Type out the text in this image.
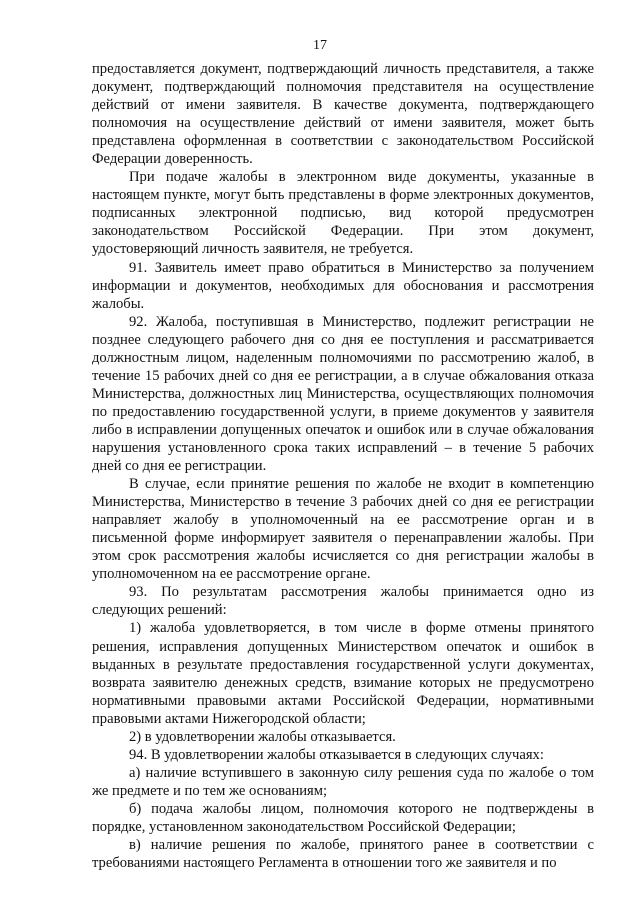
17

предоставляется документ, подтверждающий личность представителя, а также документ, подтверждающий полномочия представителя на осуществление действий от имени заявителя. В качестве документа, подтверждающего полномочия на осуществление действий от имени заявителя, может быть представлена оформленная в соответствии с законодательством Российской Федерации доверенность.

При подаче жалобы в электронном виде документы, указанные в настоящем пункте, могут быть представлены в форме электронных документов, подписанных электронной подписью, вид которой предусмотрен законодательством Российской Федерации. При этом документ, удостоверяющий личность заявителя, не требуется.

91. Заявитель имеет право обратиться в Министерство за получением информации и документов, необходимых для обоснования и рассмотрения жалобы.

92. Жалоба, поступившая в Министерство, подлежит регистрации не позднее следующего рабочего дня со дня ее поступления и рассматривается должностным лицом, наделенным полномочиями по рассмотрению жалоб, в течение 15 рабочих дней со дня ее регистрации, а в случае обжалования отказа Министерства, должностных лиц Министерства, осуществляющих полномочия по предоставлению государственной услуги, в приеме документов у заявителя либо в исправлении допущенных опечаток и ошибок или в случае обжалования нарушения установленного срока таких исправлений – в течение 5 рабочих дней со дня ее регистрации.

В случае, если принятие решения по жалобе не входит в компетенцию Министерства, Министерство в течение 3 рабочих дней со дня ее регистрации направляет жалобу в уполномоченный на ее рассмотрение орган и в письменной форме информирует заявителя о перенаправлении жалобы. При этом срок рассмотрения жалобы исчисляется со дня регистрации жалобы в уполномоченном на ее рассмотрение органе.

93. По результатам рассмотрения жалобы принимается одно из следующих решений:

1) жалоба удовлетворяется, в том числе в форме отмены принятого решения, исправления допущенных Министерством опечаток и ошибок в выданных в результате предоставления государственной услуги документах, возврата заявителю денежных средств, взимание которых не предусмотрено нормативными правовыми актами Российской Федерации, нормативными правовыми актами Нижегородской области;

2) в удовлетворении жалобы отказывается.

94. В удовлетворении жалобы отказывается в следующих случаях:

а) наличие вступившего в законную силу решения суда по жалобе о том же предмете и по тем же основаниям;

б) подача жалобы лицом, полномочия которого не подтверждены в порядке, установленном законодательством Российской Федерации;

в) наличие решения по жалобе, принятого ранее в соответствии с требованиями настоящего Регламента в отношении того же заявителя и по
